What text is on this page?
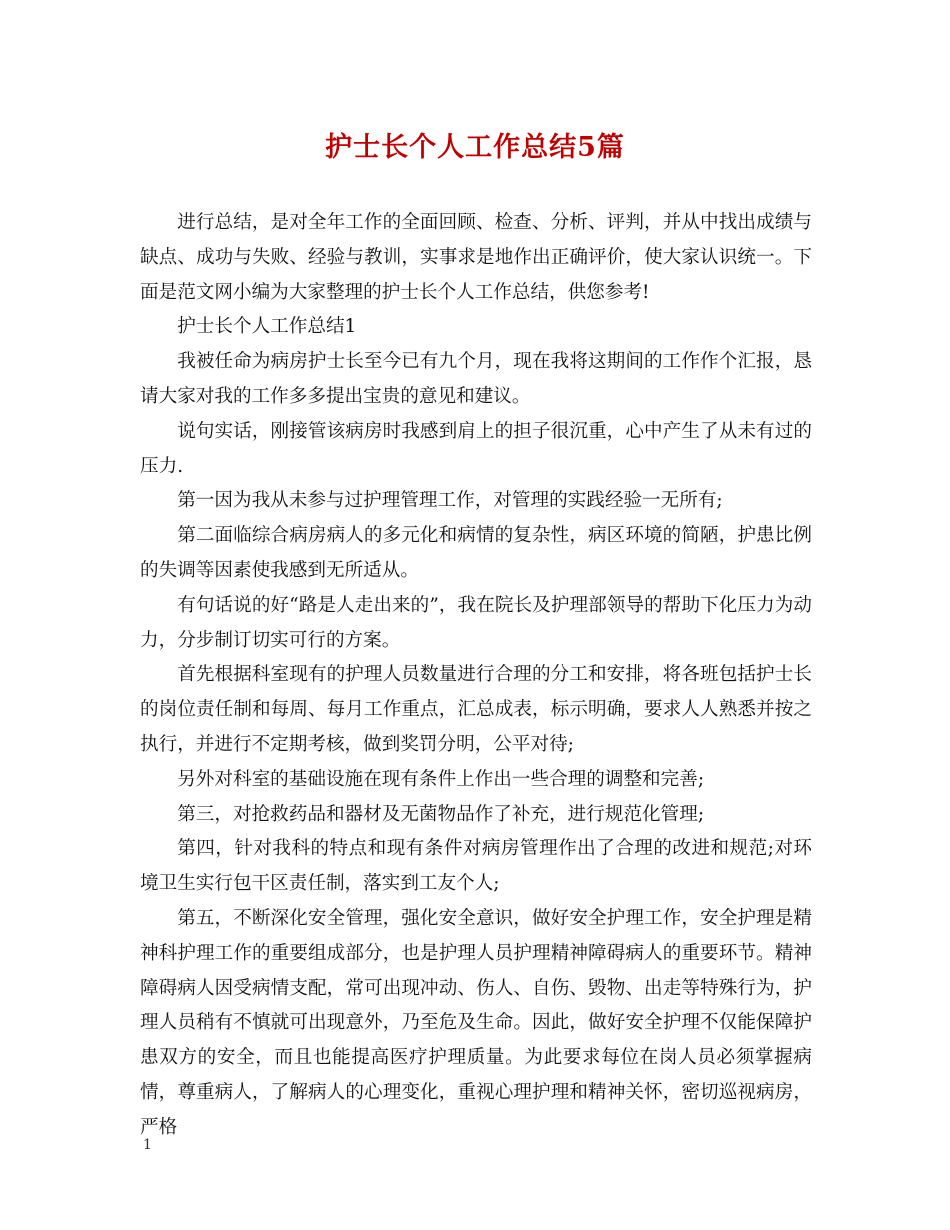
护士长个人工作总结5篇

进行总结，是对全年工作的全面回顾、检查、分析、评判，并从中找出成绩与缺点、成功与失败、经验与教训，实事求是地作出正确评价，使大家认识统一。下面是范文网小编为大家整理的护士长个人工作总结，供您参考!

护士长个人工作总结1

我被任命为病房护士长至今已有九个月，现在我将这期间的工作作个汇报，恳请大家对我的工作多多提出宝贵的意见和建议。

说句实话，刚接管该病房时我感到肩上的担子很沉重，心中产生了从未有过的压力.

第一因为我从未参与过护理管理工作，对管理的实践经验一无所有;

第二面临综合病房病人的多元化和病情的复杂性，病区环境的简陋，护患比例的失调等因素使我感到无所适从。

有句话说的好“路是人走出来的”，我在院长及护理部领导的帮助下化压力为动力，分步制订切实可行的方案。

首先根据科室现有的护理人员数量进行合理的分工和安排，将各班包括护士长的岗位责任制和每周、每月工作重点，汇总成表，标示明确，要求人人熟悉并按之执行，并进行不定期考核，做到奖罚分明，公平对待;

另外对科室的基础设施在现有条件上作出一些合理的调整和完善;

第三，对抢救药品和器材及无菌物品作了补充，进行规范化管理;

第四，针对我科的特点和现有条件对病房管理作出了合理的改进和规范;对环境卫生实行包干区责任制，落实到工友个人;

第五，不断深化安全管理，强化安全意识，做好安全护理工作，安全护理是精神科护理工作的重要组成部分，也是护理人员护理精神障碍病人的重要环节。精神障碍病人因受病情支配，常可出现冲动、伤人、自伤、毁物、出走等特殊行为，护理人员稍有不慎就可出现意外，乃至危及生命。因此，做好安全护理不仅能保障护患双方的安全，而且也能提高医疗护理质量。为此要求每位在岗人员必须掌握病情，尊重病人，了解病人的心理变化，重视心理护理和精神关怀，密切巡视病房，严格

1
